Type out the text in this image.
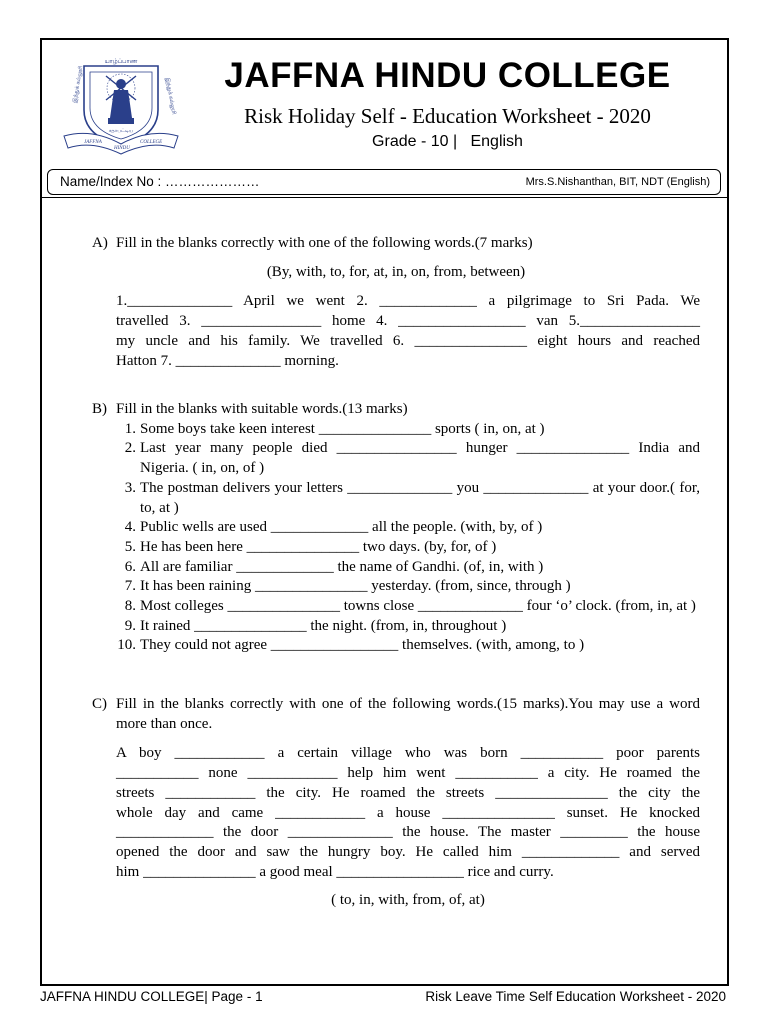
யாழ்ப்பாண
இந்துக் கல்லூரி	இந்துக் கல்லூரி
சதாபட்டிய
JAFFNA
HINDU
COLLEGE
JAFFNA HINDU COLLEGE
Risk Holiday Self - Education Worksheet - 2020
Grade - 10 |   English
Name/Index No : …………………	Mrs.S.Nishanthan, BIT, NDT (English)
A) Fill in the blanks correctly with one of the following words.(7 marks)
(By, with, to, for, at, in, on, from, between)
1.______________ April we went 2. _____________ a pilgrimage to Sri Pada. We
travelled 3. ________________ home 4. _________________ van 5.________________
my uncle and his family. We travelled 6. _______________ eight hours and reached
Hatton 7. ______________ morning.
B) Fill in the blanks with suitable words.(13 marks)
1. Some boys take keen interest _______________ sports ( in, on, at )
2. Last year many people died ________________ hunger _______________ India and Nigeria. ( in, on, of )
3. The postman delivers your letters ______________ you ______________ at your door.( for, to, at )
4. Public wells are used _____________ all the people. (with, by, of )
5. He has been here _______________ two days. (by, for, of )
6. All are familiar _____________ the name of Gandhi. (of, in, with )
7. It has been raining _______________ yesterday. (from, since, through )
8. Most colleges _______________ towns close ______________ four ‘o’ clock. (from, in, at )
9. It rained _______________ the night. (from, in, throughout )
10. They could not agree _________________ themselves. (with, among, to )
C) Fill in the blanks correctly with one of the following words.(15 marks).You may use a word more than once.
A boy ____________ a certain village who was born ___________ poor parents
___________ none ____________ help him went ___________ a city. He roamed the
streets ____________ the city. He roamed the streets _______________ the city the
whole day and came ____________ a house _______________ sunset. He knocked
_____________ the door ______________ the house. The master _________ the house
opened the door and saw the hungry boy. He called him _____________ and served
him _______________ a good meal _________________ rice and curry.
( to, in, with, from, of, at)
JAFFNA HINDU COLLEGE| Page - 1	Risk Leave Time Self Education Worksheet - 2020
